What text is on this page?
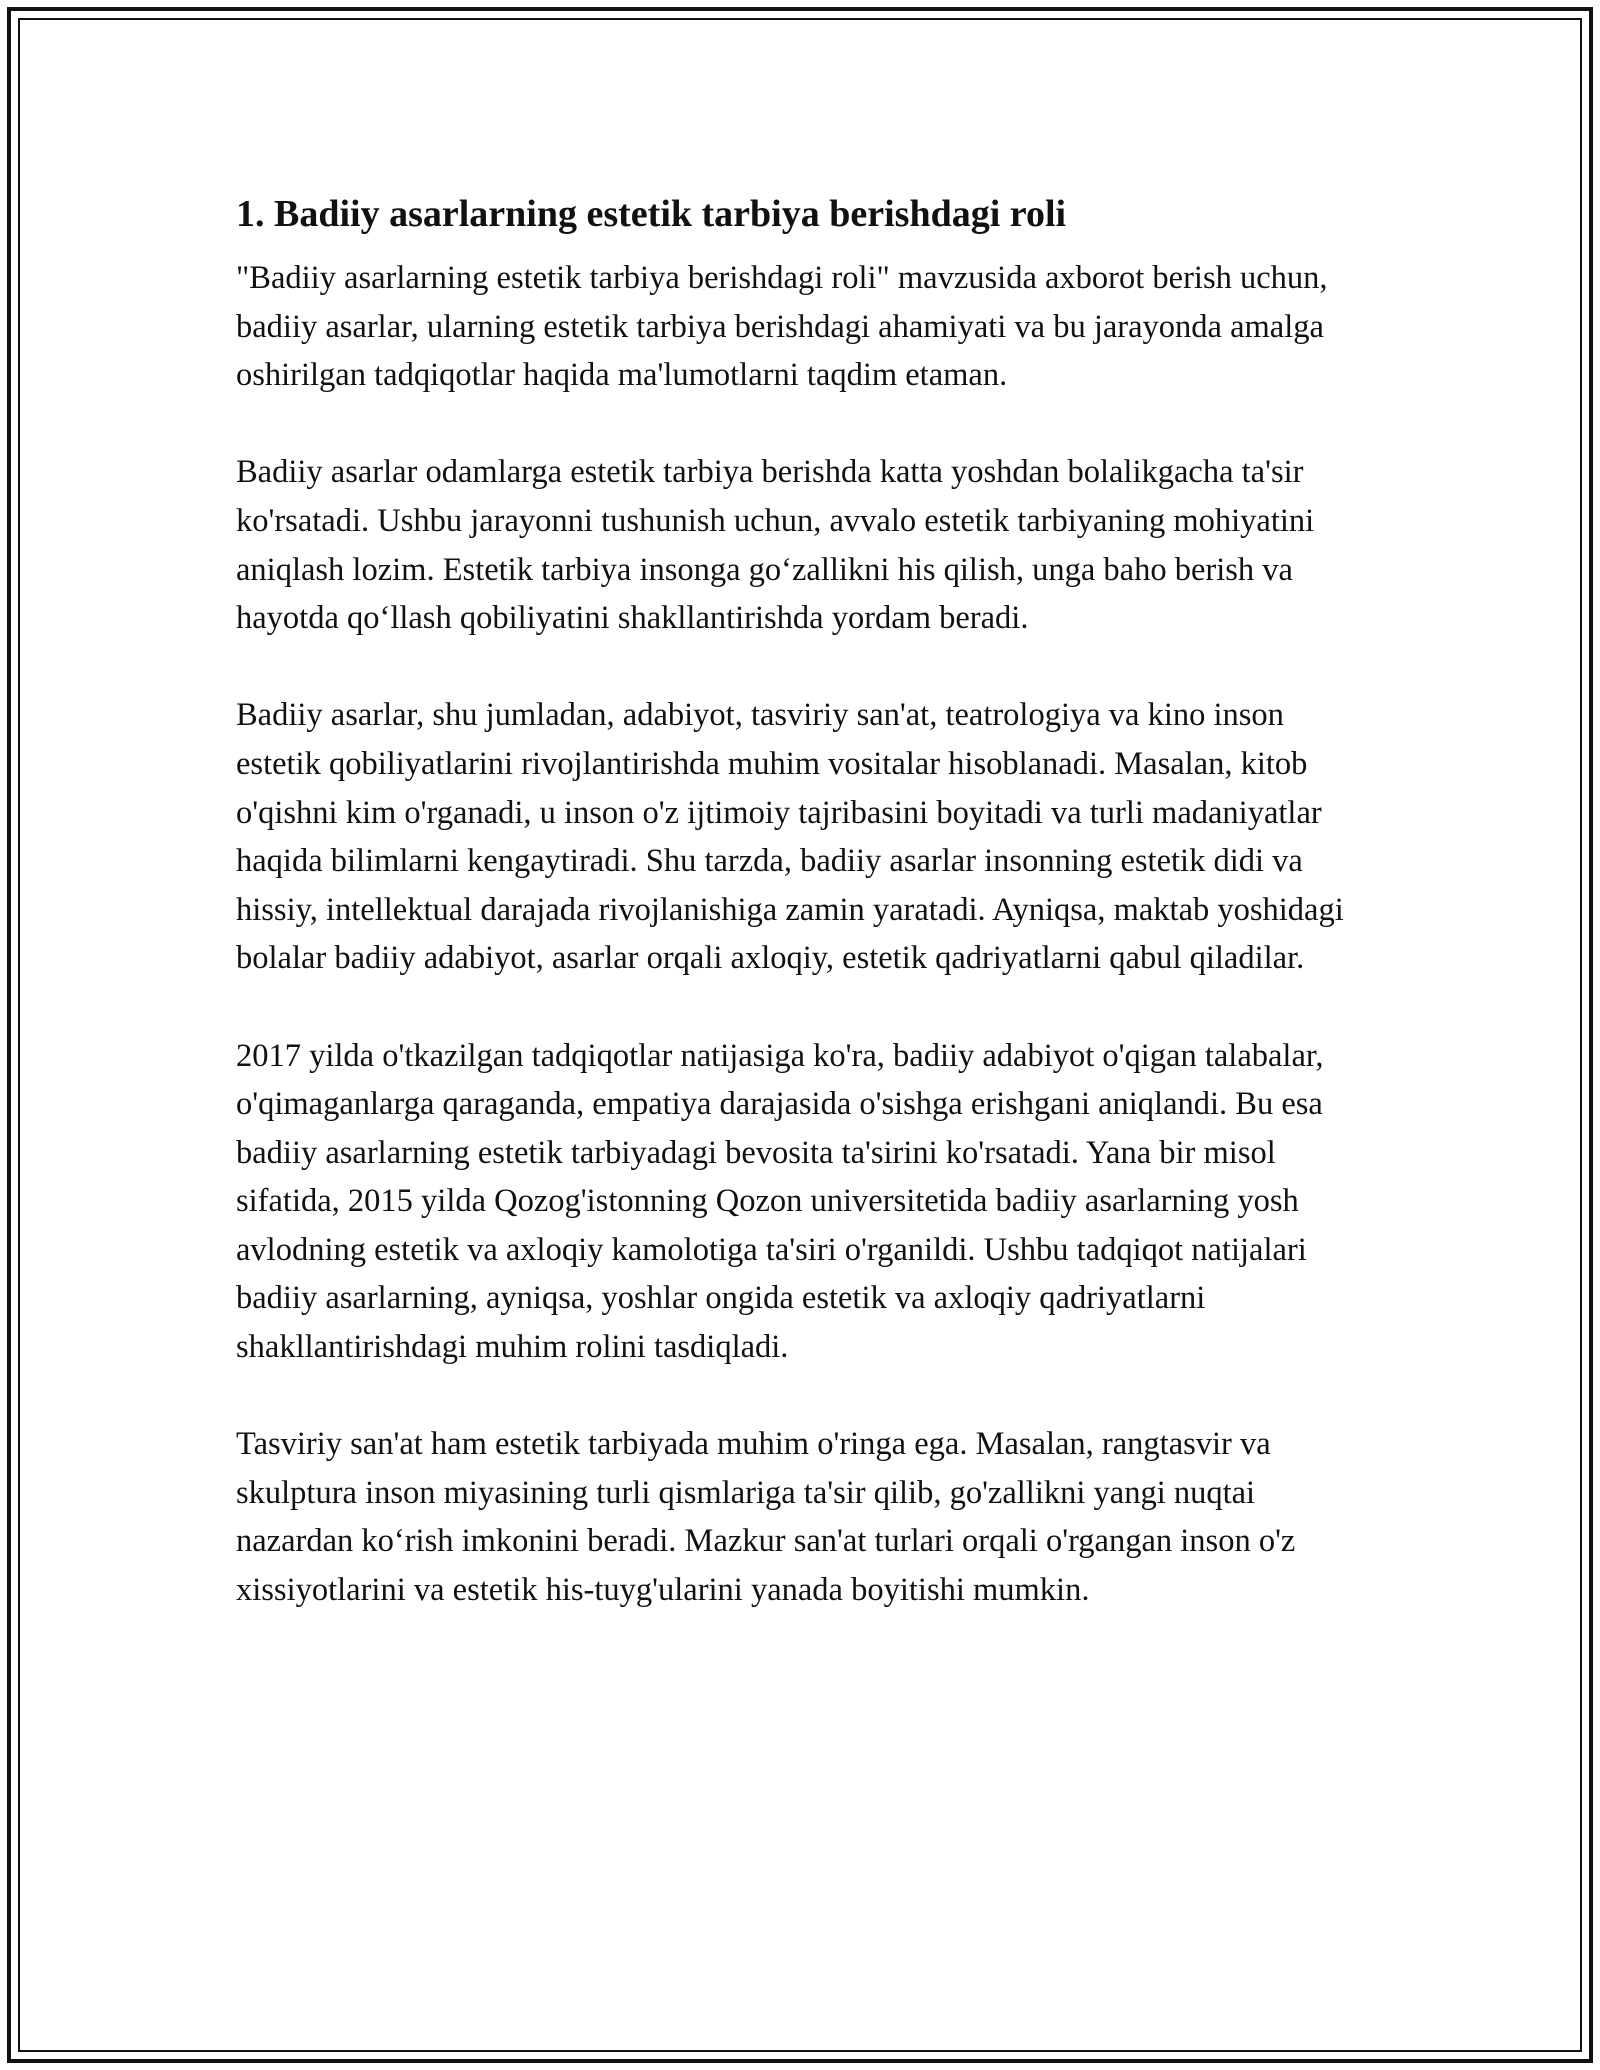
1. Badiiy asarlarning estetik tarbiya berishdagi roli

"Badiiy asarlarning estetik tarbiya berishdagi roli" mavzusida axborot berish uchun, badiiy asarlar, ularning estetik tarbiya berishdagi ahamiyati va bu jarayonda amalga oshirilgan tadqiqotlar haqida ma'lumotlarni taqdim etaman.

Badiiy asarlar odamlarga estetik tarbiya berishda katta yoshdan bolalikgacha ta'sir ko'rsatadi. Ushbu jarayonni tushunish uchun, avvalo estetik tarbiyaning mohiyatini aniqlash lozim. Estetik tarbiya insonga go‘zallikni his qilish, unga baho berish va hayotda qo‘llash qobiliyatini shakllantirishda yordam beradi.

Badiiy asarlar, shu jumladan, adabiyot, tasviriy san'at, teatrologiya va kino inson estetik qobiliyatlarini rivojlantirishda muhim vositalar hisoblanadi. Masalan, kitob o'qishni kim o'rganadi, u inson o'z ijtimoiy tajribasini boyitadi va turli madaniyatlar haqida bilimlarni kengaytiradi. Shu tarzda, badiiy asarlar insonning estetik didi va hissiy, intellektual darajada rivojlanishiga zamin yaratadi. Ayniqsa, maktab yoshidagi bolalar badiiy adabiyot, asarlar orqali axloqiy, estetik qadriyatlarni qabul qiladilar.

2017 yilda o'tkazilgan tadqiqotlar natijasiga ko'ra, badiiy adabiyot o'qigan talabalar, o'qimaganlarga qaraganda, empatiya darajasida o'sishga erishgani aniqlandi. Bu esa badiiy asarlarning estetik tarbiyadagi bevosita ta'sirini ko'rsatadi. Yana bir misol sifatida, 2015 yilda Qozog'istonning Qozon universitetida badiiy asarlarning yosh avlodning estetik va axloqiy kamolotiga ta'siri o'rganildi. Ushbu tadqiqot natijalari badiiy asarlarning, ayniqsa, yoshlar ongida estetik va axloqiy qadriyatlarni shakllantirishdagi muhim rolini tasdiqladi.

Tasviriy san'at ham estetik tarbiyada muhim o'ringa ega. Masalan, rangtasvir va skulptura inson miyasining turli qismlariga ta'sir qilib, go'zallikni yangi nuqtai nazardan ko‘rish imkonini beradi. Mazkur san'at turlari orqali o'rgangan inson o'z xissiyotlarini va estetik his-tuyg'ularini yanada boyitishi mumkin.
